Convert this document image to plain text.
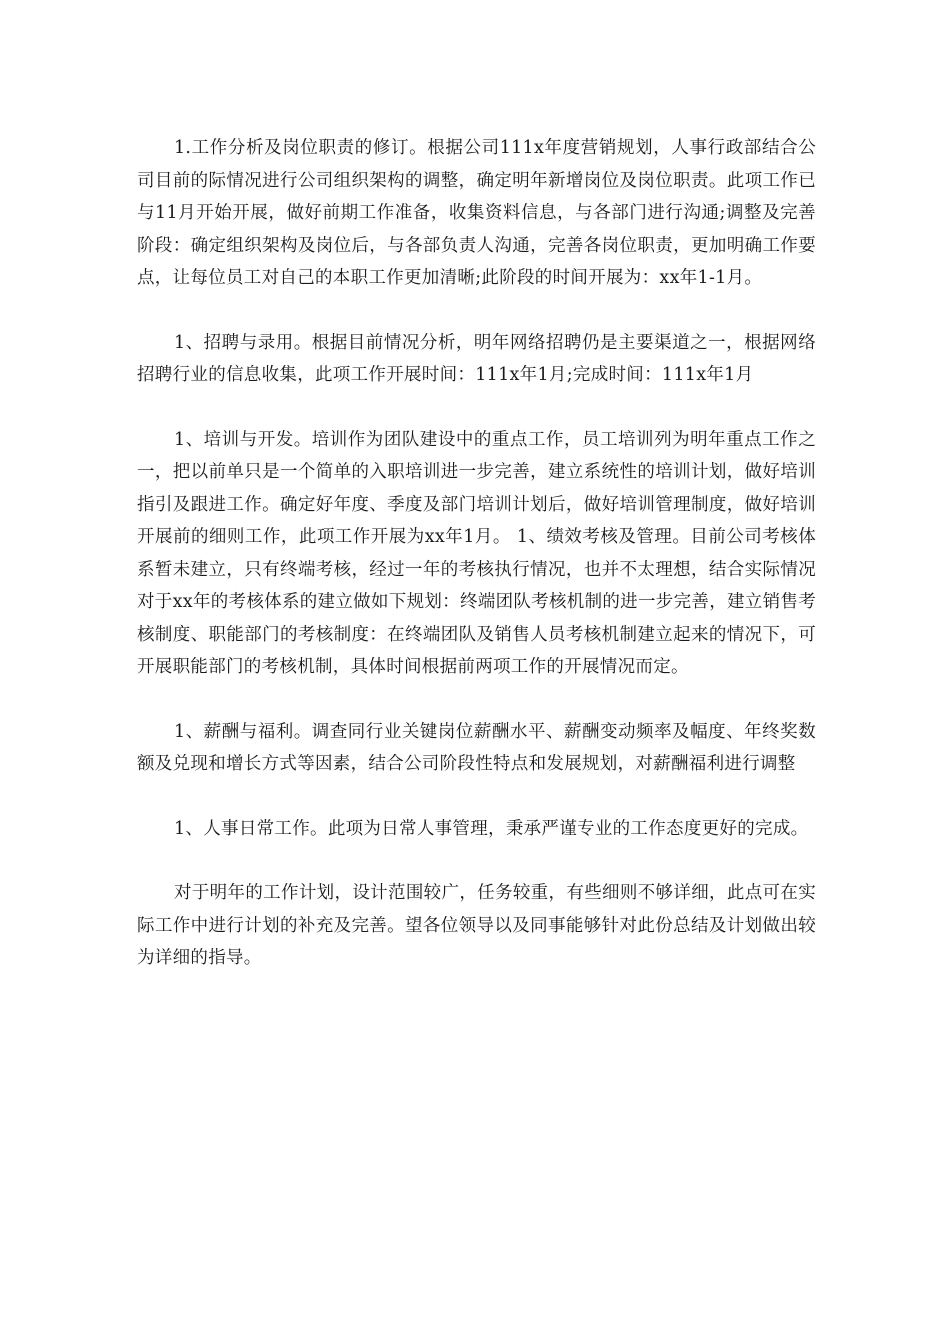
1.工作分析及岗位职责的修订。根据公司111x年度营销规划，人事行政部结合公司目前的际情况进行公司组织架构的调整，确定明年新增岗位及岗位职责。此项工作已与11月开始开展，做好前期工作准备，收集资料信息，与各部门进行沟通;调整及完善阶段：确定组织架构及岗位后，与各部负责人沟通，完善各岗位职责，更加明确工作要点，让每位员工对自己的本职工作更加清晰;此阶段的时间开展为：xx年1-1月。

1、招聘与录用。根据目前情况分析，明年网络招聘仍是主要渠道之一，根据网络招聘行业的信息收集，此项工作开展时间：111x年1月;完成时间：111x年1月

1、培训与开发。培训作为团队建设中的重点工作，员工培训列为明年重点工作之一，把以前单只是一个简单的入职培训进一步完善，建立系统性的培训计划，做好培训指引及跟进工作。确定好年度、季度及部门培训计划后，做好培训管理制度，做好培训开展前的细则工作，此项工作开展为xx年1月。 1、绩效考核及管理。目前公司考核体系暂未建立，只有终端考核，经过一年的考核执行情况，也并不太理想，结合实际情况对于xx年的考核体系的建立做如下规划：终端团队考核机制的进一步完善，建立销售考核制度、职能部门的考核制度：在终端团队及销售人员考核机制建立起来的情况下，可开展职能部门的考核机制，具体时间根据前两项工作的开展情况而定。

1、薪酬与福利。调查同行业关键岗位薪酬水平、薪酬变动频率及幅度、年终奖数额及兑现和增长方式等因素，结合公司阶段性特点和发展规划，对薪酬福利进行调整

1、人事日常工作。此项为日常人事管理，秉承严谨专业的工作态度更好的完成。

对于明年的工作计划，设计范围较广，任务较重，有些细则不够详细，此点可在实际工作中进行计划的补充及完善。望各位领导以及同事能够针对此份总结及计划做出较为详细的指导。
